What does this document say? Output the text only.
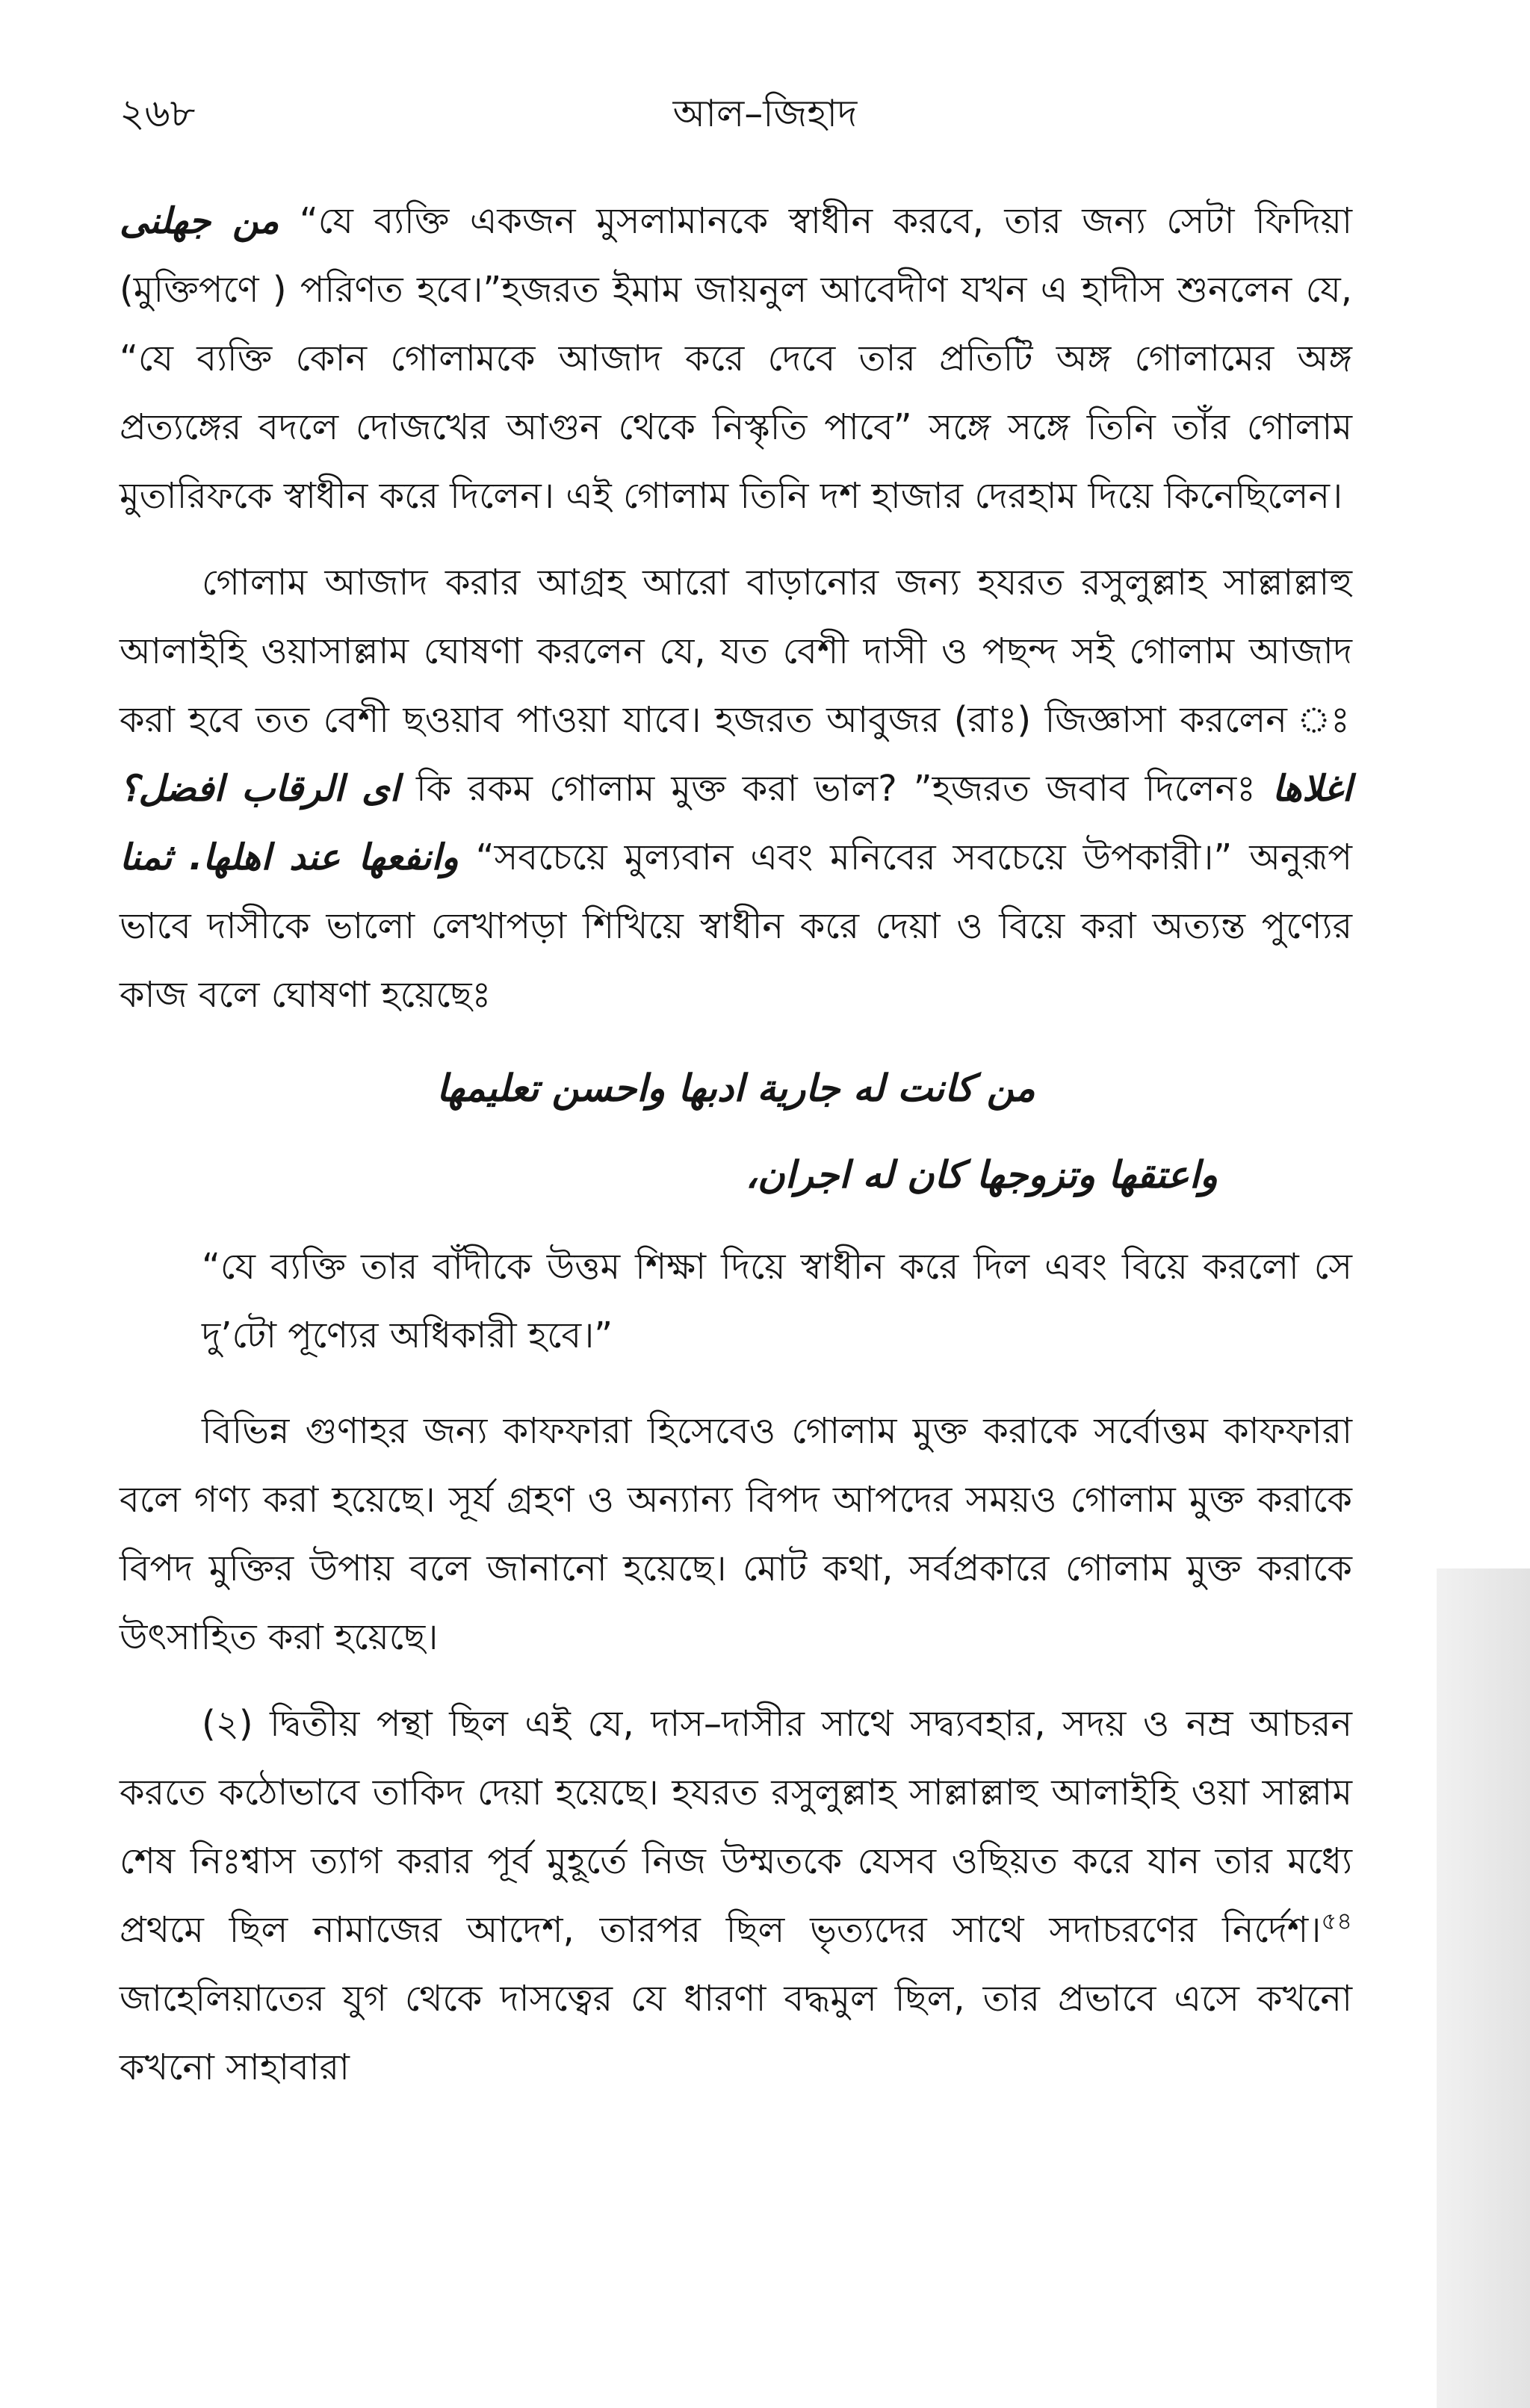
২৬৮	আল–জিহাদ

من جهلنى “যে ব্যক্তি একজন মুসলামানকে স্বাধীন করবে, তার জন্য সেটা ফিদিয়া (মুক্তিপণে ) পরিণত হবে।”হজরত ইমাম জায়নুল আবেদীণ যখন এ হাদীস শুনলেন যে, “যে ব্যক্তি কোন গোলামকে আজাদ করে দেবে তার প্রতিটি অঙ্গ গোলামের অঙ্গ প্রত্যঙ্গের বদলে দোজখের আগুন থেকে নিস্কৃতি পাবে” সঙ্গে সঙ্গে তিনি তাঁর গোলাম মুতারিফকে স্বাধীন করে দিলেন। এই গোলাম তিনি দশ হাজার দেরহাম দিয়ে কিনেছিলেন।

গোলাম আজাদ করার আগ্রহ আরো বাড়ানোর জন্য হযরত রসুলুল্লাহ সাল্লাল্লাহু আলাইহি ওয়াসাল্লাম ঘোষণা করলেন যে, যত বেশী দাসী ও পছন্দ সই গোলাম আজাদ করা হবে তত বেশী ছওয়াব পাওয়া যাবে। হজরত আবুজর (রাঃ) জিজ্ঞাসা করলেন ঃ اى الرقاب افضل؟ কি রকম গোলাম মুক্ত করা ভাল? ”হজরত জবাব দিলেনঃ اغلاها ثمنا وانفعها عند اهلها. “সবচেয়ে মুল্যবান এবং মনিবের সবচেয়ে উপকারী।” অনুরূপ ভাবে দাসীকে ভালো লেখাপড়া শিখিয়ে স্বাধীন করে দেয়া ও বিয়ে করা অত্যন্ত পুণ্যের কাজ বলে ঘোষণা হয়েছেঃ

من كانت له جارية ادبها واحسن تعليمها
واعتقها وتزوجها كان له اجران،

“যে ব্যক্তি তার বাঁদীকে উত্তম শিক্ষা দিয়ে স্বাধীন করে দিল এবং বিয়ে করলো সে দু’টো পূণ্যের অধিকারী হবে।”

বিভিন্ন গুণাহর জন্য কাফফারা হিসেবেও গোলাম মুক্ত করাকে সর্বোত্তম কাফফারা বলে গণ্য করা হয়েছে। সূর্য গ্রহণ ও অন্যান্য বিপদ আপদের সময়ও গোলাম মুক্ত করাকে বিপদ মুক্তির উপায় বলে জানানো হয়েছে। মোট কথা, সর্বপ্রকারে গোলাম মুক্ত করাকে উৎসাহিত করা হয়েছে।

(২) দ্বিতীয় পন্থা ছিল এই যে, দাস–দাসীর সাথে সদ্ব্যবহার, সদয় ও নম্র আচরন করতে কঠোভাবে তাকিদ দেয়া হয়েছে। হযরত রসুলুল্লাহ সাল্লাল্লাহু আলাইহি ওয়া সাল্লাম শেষ নিঃশ্বাস ত্যাগ করার পূর্ব মুহূর্তে নিজ উম্মতকে যেসব ওছিয়ত করে যান তার মধ্যে প্রথমে ছিল নামাজের আদেশ, তারপর ছিল ভৃত্যদের সাথে সদাচরণের নির্দেশ।$^{৫৪}$ জাহেলিয়াতের যুগ থেকে দাসত্বের যে ধারণা বদ্ধমুল ছিল, তার প্রভাবে এসে কখনো কখনো সাহাবারা
